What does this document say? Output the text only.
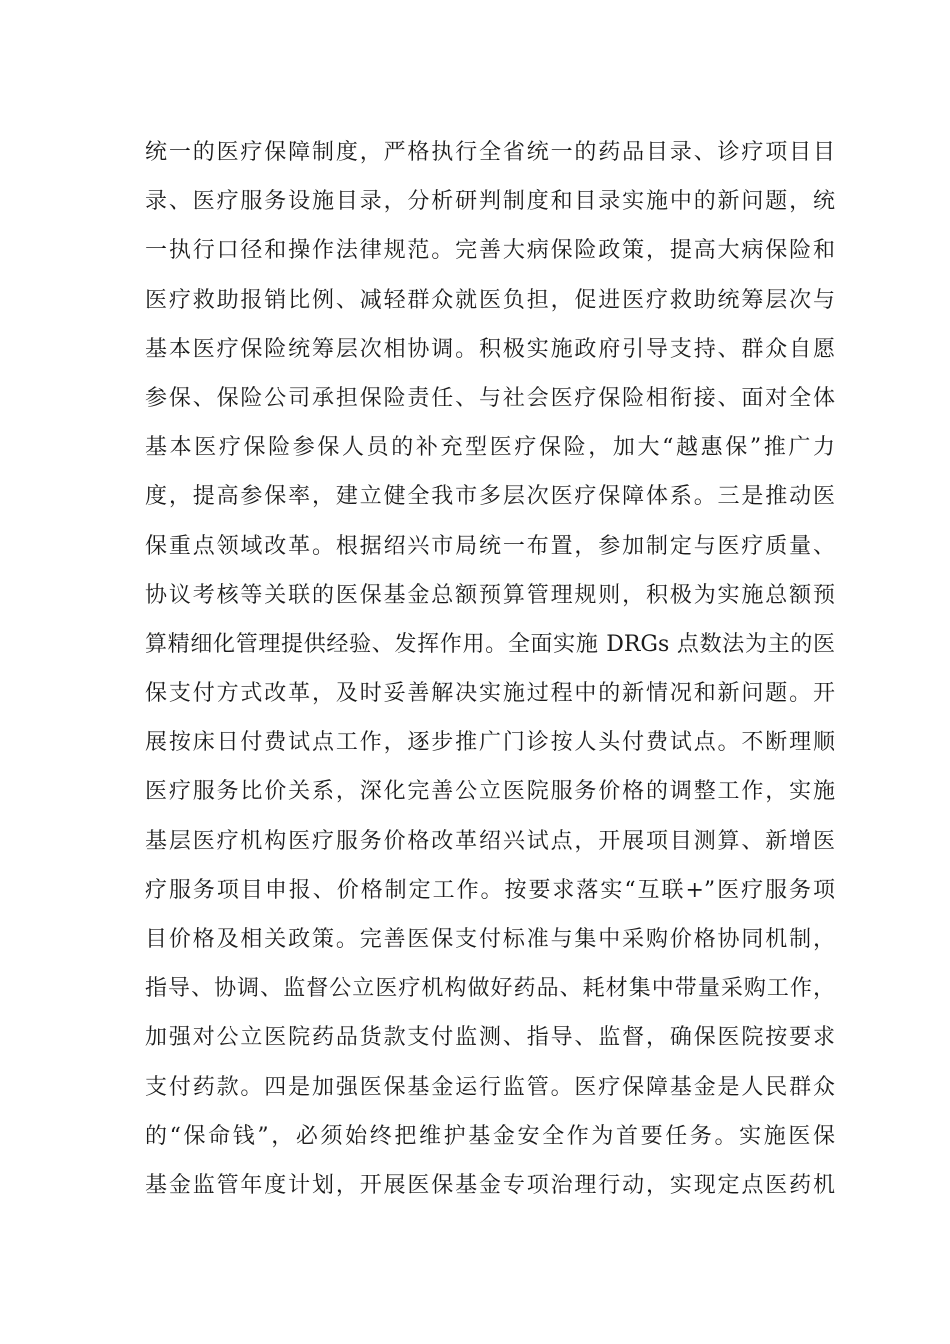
统一的医疗保障制度，严格执行全省统一的药品目录、诊疗项目目
录、医疗服务设施目录，分析研判制度和目录实施中的新问题，统
一执行口径和操作法律规范。完善大病保险政策，提高大病保险和
医疗救助报销比例、减轻群众就医负担，促进医疗救助统筹层次与
基本医疗保险统筹层次相协调。积极实施政府引导支持、群众自愿
参保、保险公司承担保险责任、与社会医疗保险相衔接、面对全体
基本医疗保险参保人员的补充型医疗保险，加大“越惠保”推广力
度，提高参保率，建立健全我市多层次医疗保障体系。三是推动医
保重点领域改革。根据绍兴市局统一布置，参加制定与医疗质量、
协议考核等关联的医保基金总额预算管理规则，积极为实施总额预
算精细化管理提供经验、发挥作用。全面实施 DRGs 点数法为主的医
保支付方式改革，及时妥善解决实施过程中的新情况和新问题。开
展按床日付费试点工作，逐步推广门诊按人头付费试点。不断理顺
医疗服务比价关系，深化完善公立医院服务价格的调整工作，实施
基层医疗机构医疗服务价格改革绍兴试点，开展项目测算、新增医
疗服务项目申报、价格制定工作。按要求落实“互联+”医疗服务项
目价格及相关政策。完善医保支付标准与集中采购价格协同机制，
指导、协调、监督公立医疗机构做好药品、耗材集中带量采购工作，
加强对公立医院药品货款支付监测、指导、监督，确保医院按要求
支付药款。四是加强医保基金运行监管。医疗保障基金是人民群众
的“保命钱”，必须始终把维护基金安全作为首要任务。实施医保
基金监管年度计划，开展医保基金专项治理行动，实现定点医药机
